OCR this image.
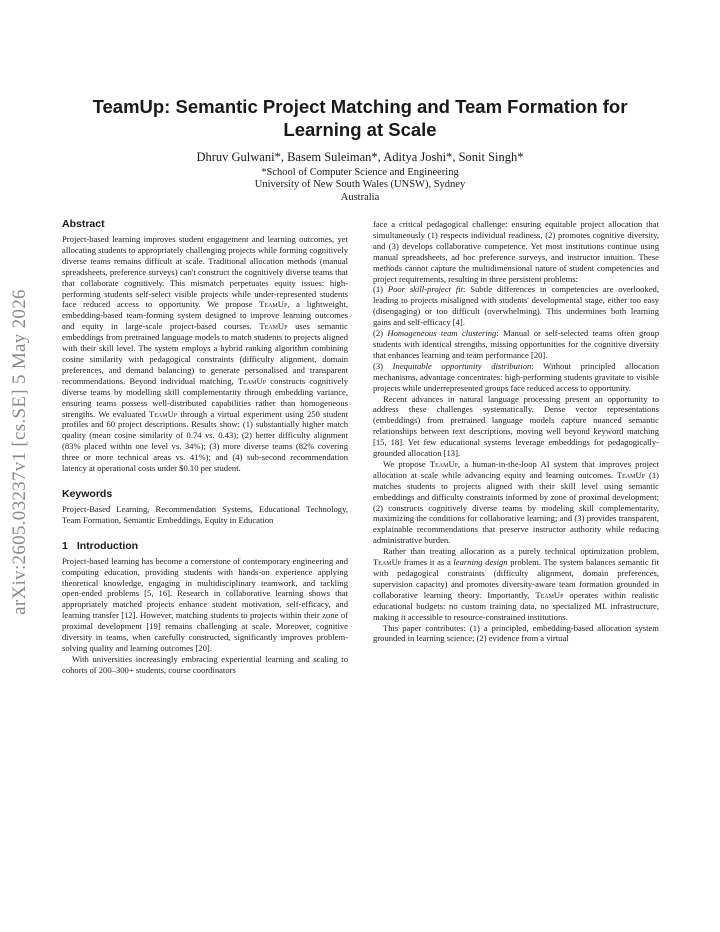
arXiv:2605.03237v1 [cs.SE] 5 May 2026
TeamUp: Semantic Project Matching and Team Formation for Learning at Scale
Dhruv Gulwani*, Basem Suleiman*, Aditya Joshi*, Sonit Singh*
*School of Computer Science and Engineering
University of New South Wales (UNSW), Sydney
Australia
Abstract

Project-based learning improves student engagement and learning outcomes, yet allocating students to appropriately challenging projects while forming cognitively diverse teams remains difficult at scale. Traditional allocation methods (manual spreadsheets, preference surveys) can't construct the cognitively diverse teams that that collaborate cognitively. This mismatch perpetuates equity issues: high-performing students self-select visible projects while under-represented students face reduced access to opportunity. We propose TeamUp, a lightweight, embedding-based team-forming system designed to improve learning outcomes and equity in large-scale project-based courses. TeamUp uses semantic embeddings from pretrained language models to match students to projects aligned with their skill level. The system employs a hybrid ranking algorithm combining cosine similarity with pedagogical constraints (difficulty alignment, domain preferences, and demand balancing) to generate personalised and transparent recommendations. Beyond individual matching, TeamUp constructs cognitively diverse teams by modelling skill complementarity through embedding variance, ensuring teams possess well-distributed capabilities rather than homogeneous strengths. We evaluated TeamUp through a virtual experiment using 250 student profiles and 60 project descriptions. Results show: (1) substantially higher match quality (mean cosine similarity of 0.74 vs. 0.43); (2) better difficulty alignment (83% placed within one level vs. 34%); (3) more diverse teams (82% covering three or more technical areas vs. 41%); and (4) sub-second recommendation latency at operational costs under $0.10 per student.

Keywords

Project-Based Learning, Recommendation Systems, Educational Technology, Team Formation, Semantic Embeddings, Equity in Education

1 Introduction

Project-based learning has become a cornerstone of contemporary engineering and computing education, providing students with hands-on experience applying theoretical knowledge, engaging in multidisciplinary teamwork, and tackling open-ended problems [5, 16]. Research in collaborative learning shows that appropriately matched projects enhance student motivation, self-efficacy, and learning transfer [12]. However, matching students to projects within their zone of proximal development [19] remains challenging at scale. Moreover, cognitive diversity in teams, when carefully constructed, significantly improves problem-solving quality and learning outcomes [20].

With universities increasingly embracing experiential learning and scaling to cohorts of 200–300+ students, course coordinators

face a critical pedagogical challenge: ensuring equitable project allocation that simultaneously (1) respects individual readiness, (2) promotes cognitive diversity, and (3) develops collaborative competence. Yet most institutions continue using manual spreadsheets, ad hoc preference surveys, and instructor intuition. These methods cannot capture the multidimensional nature of student competencies and project requirements, resulting in three persistent problems:

(1) Poor skill-project fit: Subtle differences in competencies are overlooked, leading to projects misaligned with students' developmental stage, either too easy (disengaging) or too difficult (overwhelming). This undermines both learning gains and self-efficacy [4].

(2) Homogeneous team clustering: Manual or self-selected teams often group students with identical strengths, missing opportunities for the cognitive diversity that enhances learning and team performance [20].

(3) Inequitable opportunity distribution: Without principled allocation mechanisms, advantage concentrates: high-performing students gravitate to visible projects while underrepresented groups face reduced access to opportunity.

Recent advances in natural language processing present an opportunity to address these challenges systematically. Dense vector representations (embeddings) from pretrained language models capture nuanced semantic relationships between text descriptions, moving well beyond keyword matching [15, 18]. Yet few educational systems leverage embeddings for pedagogically-grounded allocation [13].

We propose TeamUp, a human-in-the-loop AI system that improves project allocation at scale while advancing equity and learning outcomes. TeamUp (1) matches students to projects aligned with their skill level using semantic embeddings and difficulty constraints informed by zone of proximal development; (2) constructs cognitively diverse teams by modeling skill complementarity, maximizing the conditions for collaborative learning; and (3) provides transparent, explainable recommendations that preserve instructor authority while reducing administrative burden.

Rather than treating allocation as a purely technical optimization problem, TeamUp frames it as a learning design problem. The system balances semantic fit with pedagogical constraints (difficulty alignment, domain preferences, supervision capacity) and promotes diversity-aware team formation grounded in collaborative learning theory. Importantly, TeamUp operates within realistic educational budgets: no custom training data, no specialized ML infrastructure, making it accessible to resource-constrained institutions.

This paper contributes: (1) a principled, embedding-based allocation system grounded in learning science; (2) evidence from a virtual
